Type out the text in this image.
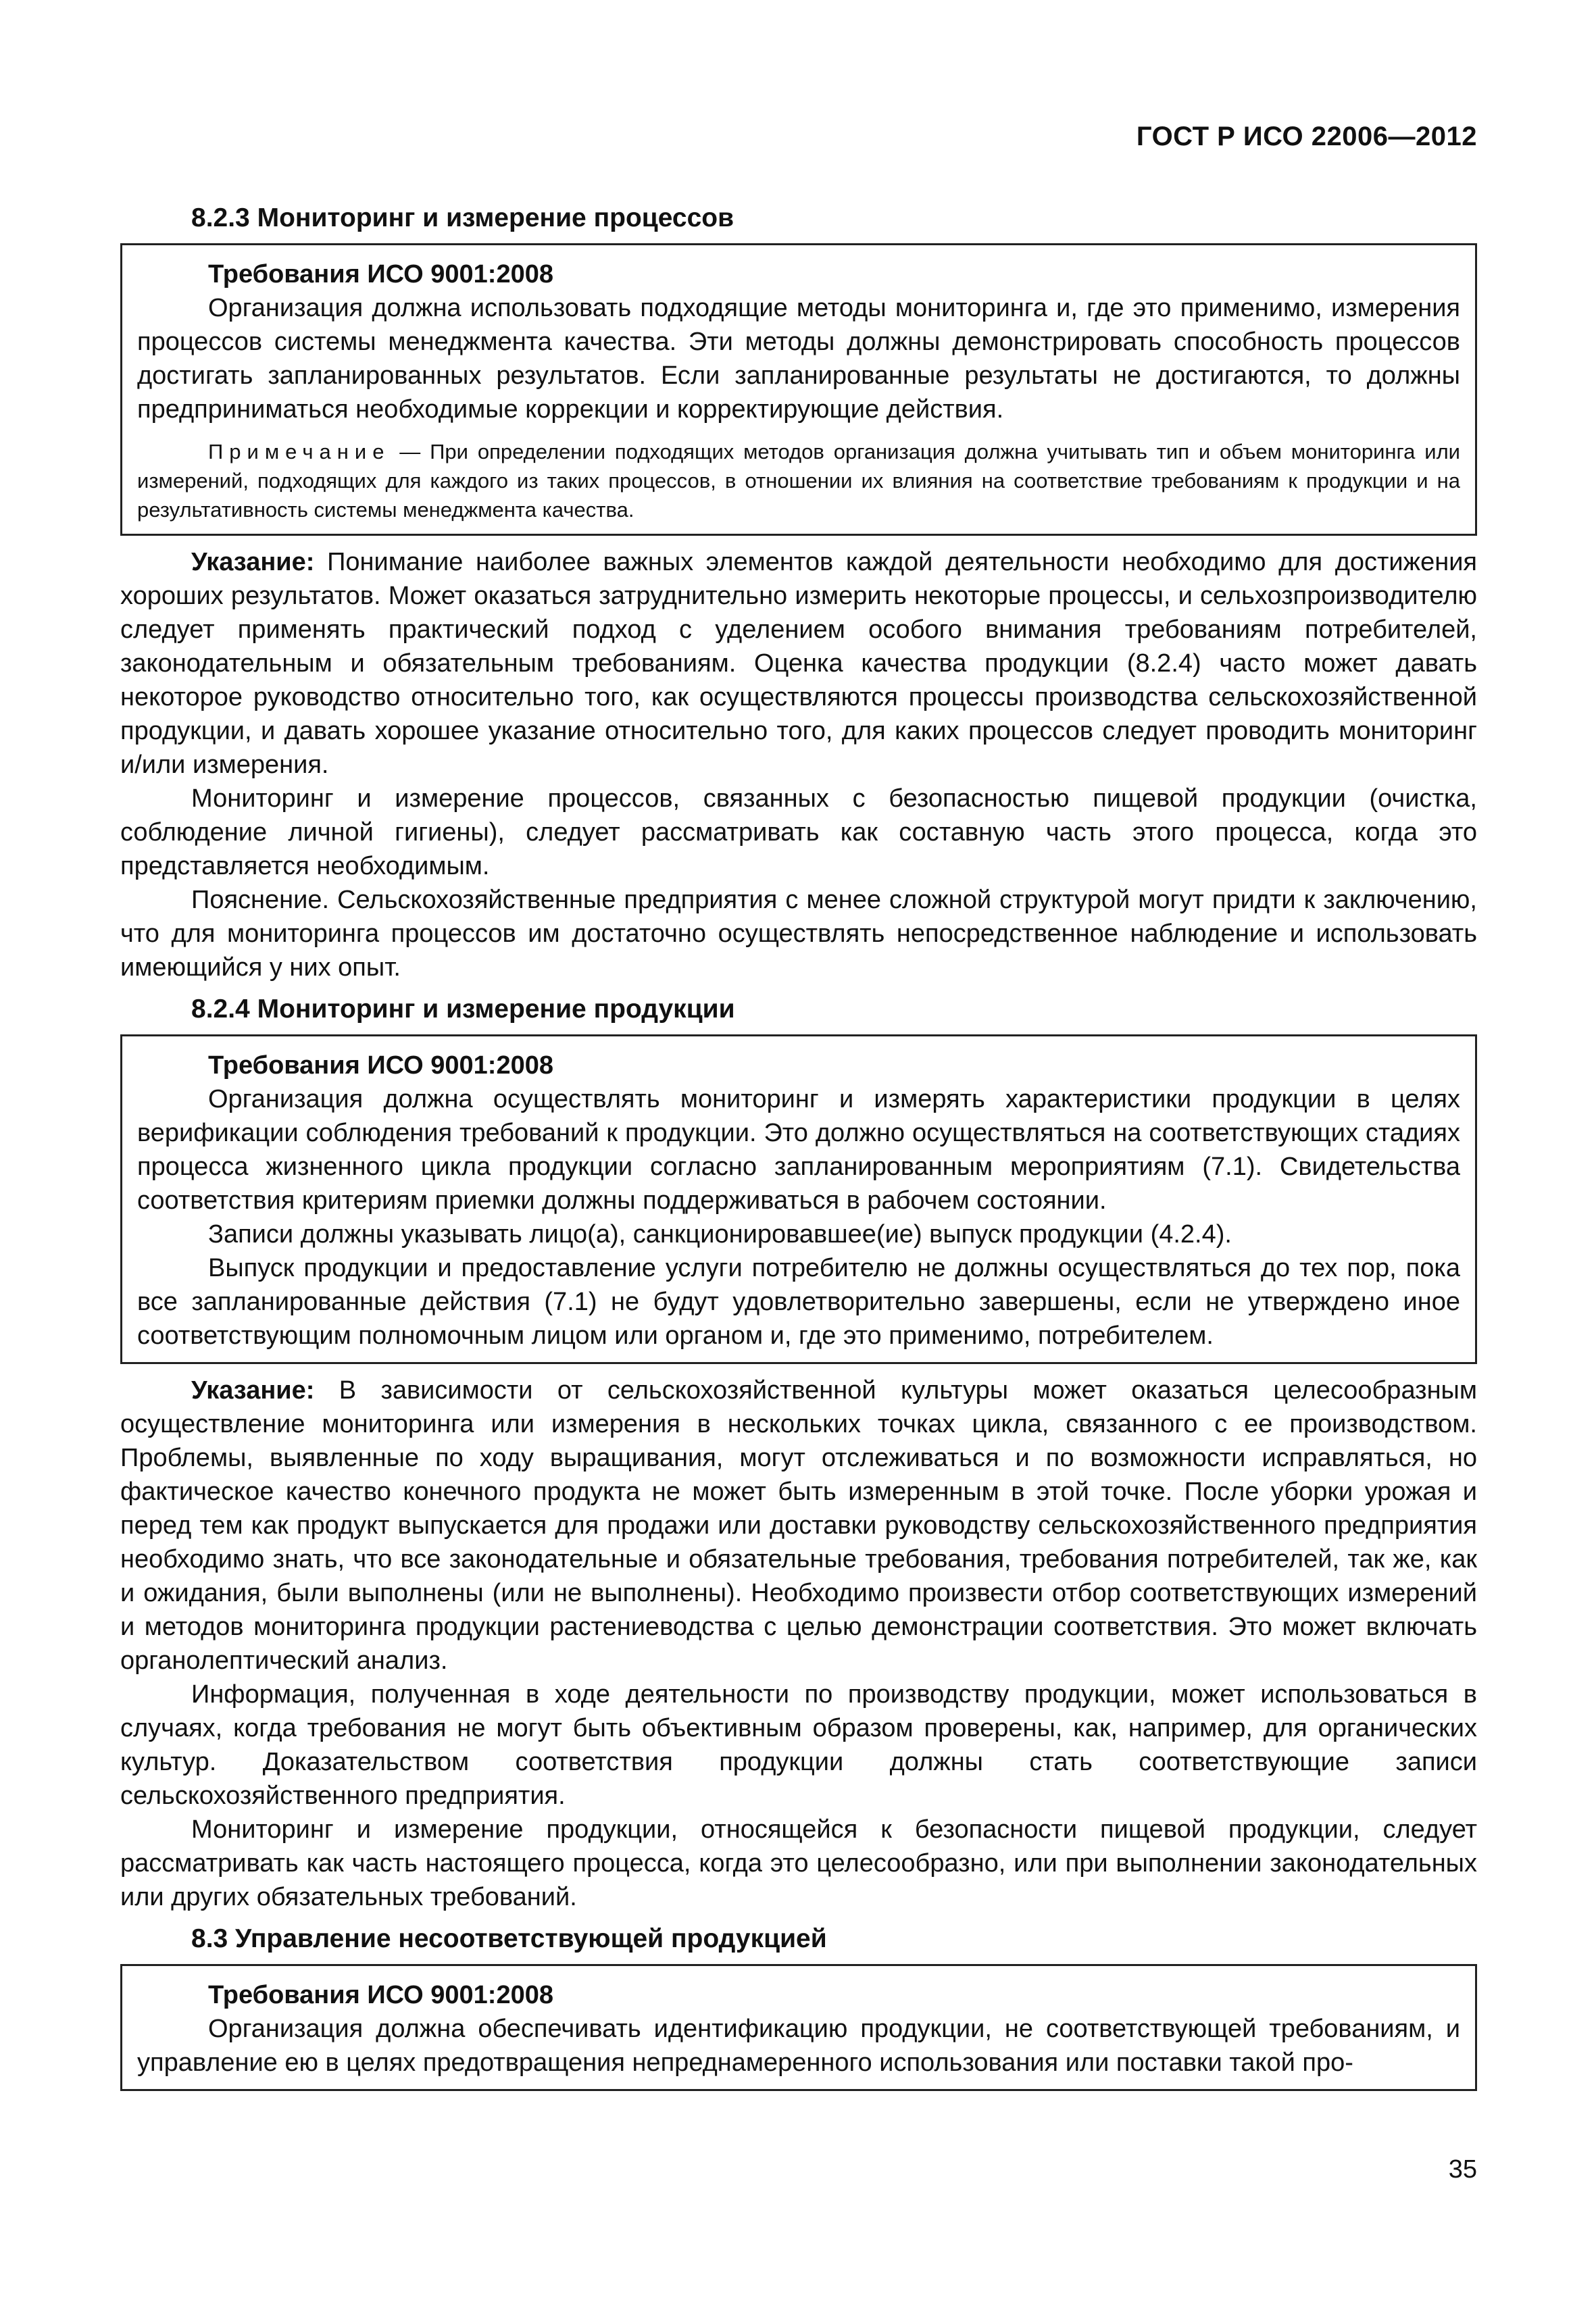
ГОСТ Р ИСО 22006—2012
8.2.3 Мониторинг и измерение процессов
Требования ИСО 9001:2008

Организация должна использовать подходящие методы мониторинга и, где это применимо, измерения процессов системы менеджмента качества. Эти методы должны демонстрировать способность процессов достигать запланированных результатов. Если запланированные результаты не достигаются, то должны предприниматься необходимые коррекции и корректирующие действия.

Примечание — При определении подходящих методов организация должна учитывать тип и объем мониторинга или измерений, подходящих для каждого из таких процессов, в отношении их влияния на соответствие требованиям к продукции и на результативность системы менеджмента качества.

Указание: Понимание наиболее важных элементов каждой деятельности необходимо для достижения хороших результатов. Может оказаться затруднительно измерить некоторые процессы, и сельхозпроизводителю следует применять практический подход с уделением особого внимания требованиям потребителей, законодательным и обязательным требованиям. Оценка качества продукции (8.2.4) часто может давать некоторое руководство относительно того, как осуществляются процессы производства сельскохозяйственной продукции, и давать хорошее указание относительно того, для каких процессов следует проводить мониторинг и/или измерения.

Мониторинг и измерение процессов, связанных с безопасностью пищевой продукции (очистка, соблюдение личной гигиены), следует рассматривать как составную часть этого процесса, когда это представляется необходимым.

Пояснение. Сельскохозяйственные предприятия с менее сложной структурой могут придти к заключению, что для мониторинга процессов им достаточно осуществлять непосредственное наблюдение и использовать имеющийся у них опыт.

8.2.4 Мониторинг и измерение продукции
Требования ИСО 9001:2008

Организация должна осуществлять мониторинг и измерять характеристики продукции в целях верификации соблюдения требований к продукции. Это должно осуществляться на соответствующих стадиях процесса жизненного цикла продукции согласно запланированным мероприятиям (7.1). Свидетельства соответствия критериям приемки должны поддерживаться в рабочем состоянии.

Записи должны указывать лицо(а), санкционировавшее(ие) выпуск продукции (4.2.4).

Выпуск продукции и предоставление услуги потребителю не должны осуществляться до тех пор, пока все запланированные действия (7.1) не будут удовлетворительно завершены, если не утверждено иное соответствующим полномочным лицом или органом и, где это применимо, потребителем.

Указание: В зависимости от сельскохозяйственной культуры может оказаться целесообразным осуществление мониторинга или измерения в нескольких точках цикла, связанного с ее производством. Проблемы, выявленные по ходу выращивания, могут отслеживаться и по возможности исправляться, но фактическое качество конечного продукта не может быть измеренным в этой точке. После уборки урожая и перед тем как продукт выпускается для продажи или доставки руководству сельскохозяйственного предприятия необходимо знать, что все законодательные и обязательные требования, требования потребителей, так же, как и ожидания, были выполнены (или не выполнены). Необходимо произвести отбор соответствующих измерений и методов мониторинга продукции растениеводства с целью демонстрации соответствия. Это может включать органолептический анализ.

Информация, полученная в ходе деятельности по производству продукции, может использоваться в случаях, когда требования не могут быть объективным образом проверены, как, например, для органических культур. Доказательством соответствия продукции должны стать соответствующие записи сельскохозяйственного предприятия.

Мониторинг и измерение продукции, относящейся к безопасности пищевой продукции, следует рассматривать как часть настоящего процесса, когда это целесообразно, или при выполнении законодательных или других обязательных требований.

8.3 Управление несоответствующей продукцией
Требования ИСО 9001:2008

Организация должна обеспечивать идентификацию продукции, не соответствующей требованиям, и управление ею в целях предотвращения непреднамеренного использования или поставки такой про-

35
